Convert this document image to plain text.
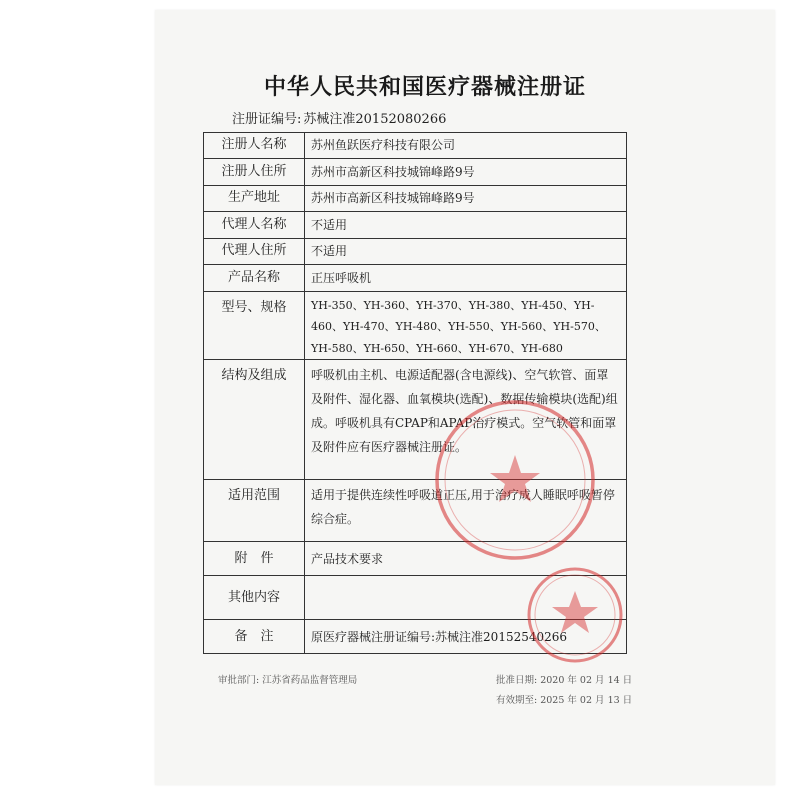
中华人民共和国医疗器械注册证
注册证编号: 苏械注准20152080266
注册人名称	苏州鱼跃医疗科技有限公司
注册人住所	苏州市高新区科技城锦峰路9号
生产地址	苏州市高新区科技城锦峰路9号
代理人名称	不适用
代理人住所	不适用
产品名称	正压呼吸机
型号、规格	YH-350、YH-360、YH-370、YH-380、YH-450、YH-460、YH-470、YH-480、YH-550、YH-560、YH-570、YH-580、YH-650、YH-660、YH-670、YH-680
结构及组成	呼吸机由主机、电源适配器(含电源线)、空气软管、面罩及附件、湿化器、血氧模块(选配)、数据传输模块(选配)组成。呼吸机具有CPAP和APAP治疗模式。空气软管和面罩及附件应有医疗器械注册证。
适用范围	适用于提供连续性呼吸道正压,用于治疗成人睡眠呼吸暂停综合症。
附　件	产品技术要求
其他内容	
备　注	原医疗器械注册证编号:苏械注准20152540266
审批部门: 江苏省药品监督管理局	批准日期: 2020 年 02 月 14 日
有效期至: 2025 年 02 月 13 日
